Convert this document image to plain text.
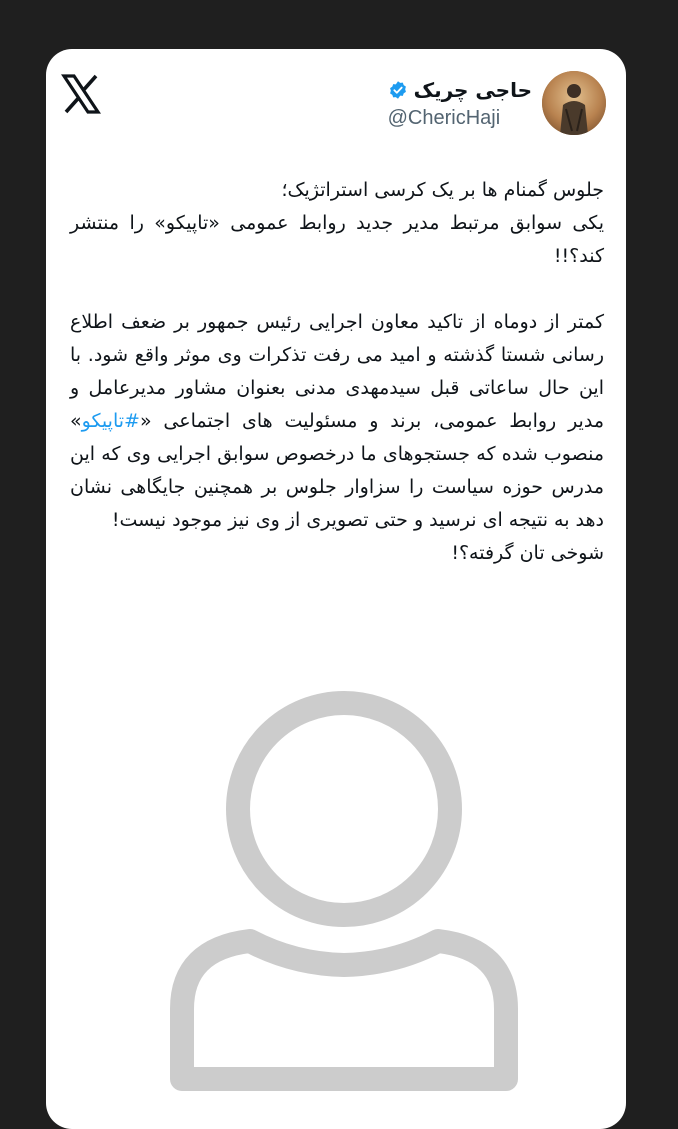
حاجی چریک
@ChericHaji

جلوس گمنام ها بر یک کرسی استراتژیک؛

یکی سوابق مرتبط مدیر جدید روابط عمومی «تاپیکو» را منتشر کند؟!!

کمتر از دوماه از تاکید معاون اجرایی رئیس جمهور بر ضعف اطلاع رسانی شستا گذشته و امید می رفت تذکرات وی موثر واقع شود. با این حال ساعاتی قبل سیدمهدی مدنی بعنوان مشاور مدیرعامل و مدیر روابط عمومی، برند و مسئولیت های اجتماعی «#تاپیکو» منصوب شده که جستجوهای ما درخصوص سوابق اجرایی وی که این مدرس حوزه سیاست را سزاوار جلوس بر همچنین جایگاهی نشان دهد به نتیجه ای نرسید و حتی تصویری از وی نیز موجود نیست!

شوخی تان گرفته؟!
